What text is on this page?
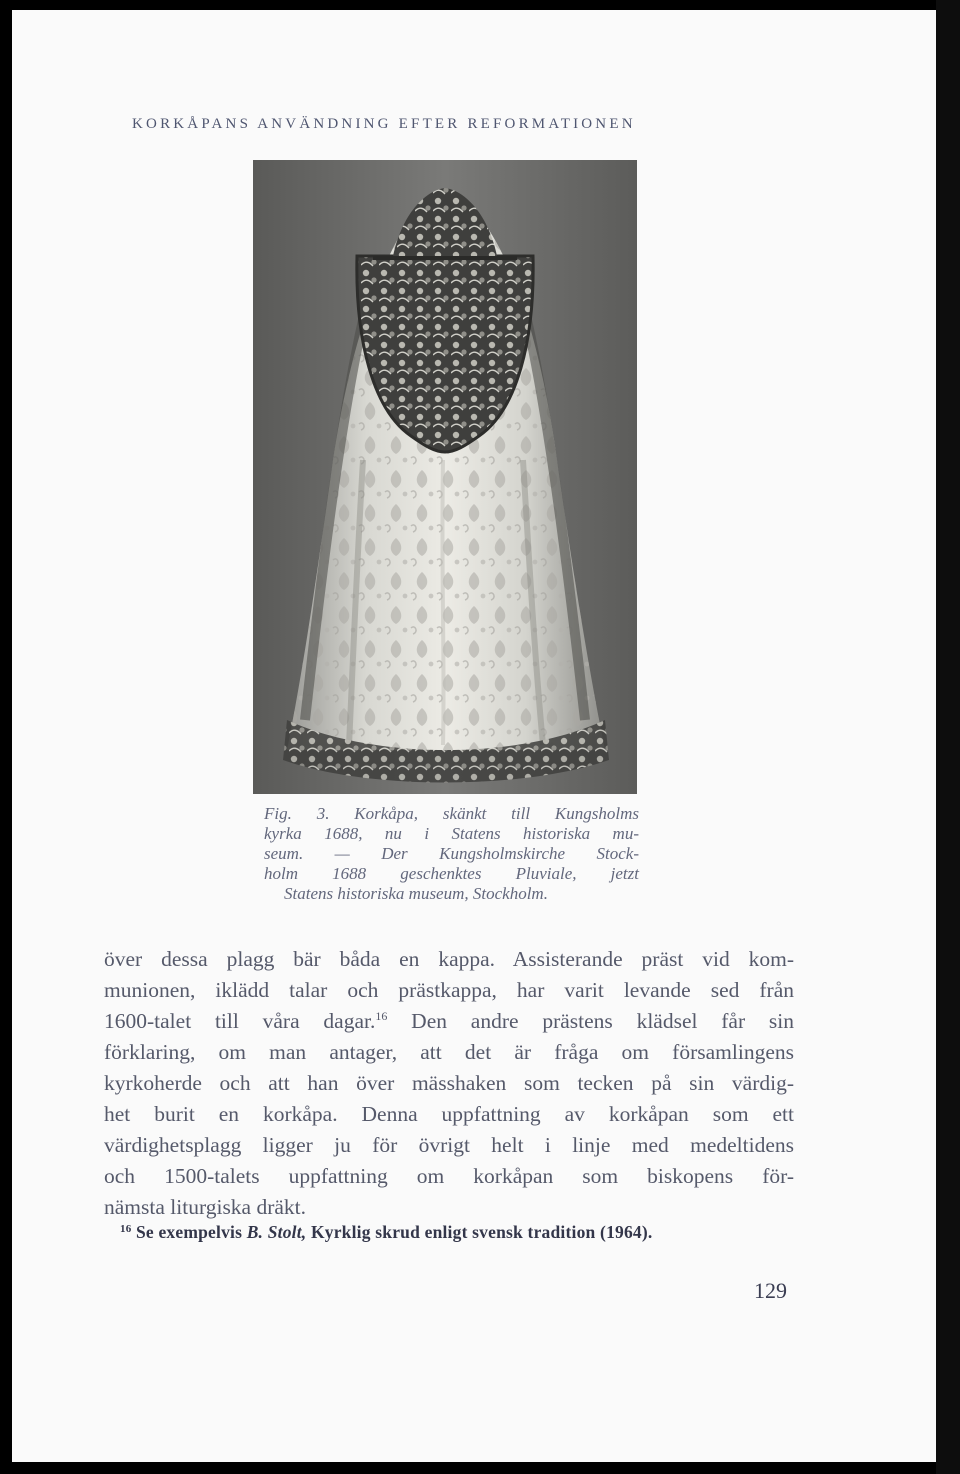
KORKÅPANS ANVÄNDNING EFTER REFORMATIONEN
Fig. 3. Korkåpa, skänkt till Kungsholms
kyrka 1688, nu i Statens historiska mu-
seum. — Der Kungsholmskirche Stock-
holm 1688 geschenktes Pluviale, jetzt
Statens historiska museum, Stockholm.
över dessa plagg bär båda en kappa. Assisterande präst vid kom-
munionen, iklädd talar och prästkappa, har varit levande sed från
1600-talet till våra dagar.$^{16}$ Den andre prästens klädsel får sin
förklaring, om man antager, att det är fråga om församlingens
kyrkoherde och att han över mässhaken som tecken på sin värdig-
het burit en korkåpa. Denna uppfattning av korkåpan som ett
värdighetsplagg ligger ju för övrigt helt i linje med medeltidens
och 1500-talets uppfattning om korkåpan som biskopens för-
nämsta liturgiska dräkt.
$^{16}$ Se exempelvis B. Stolt, Kyrklig skrud enligt svensk tradition (1964).
129
